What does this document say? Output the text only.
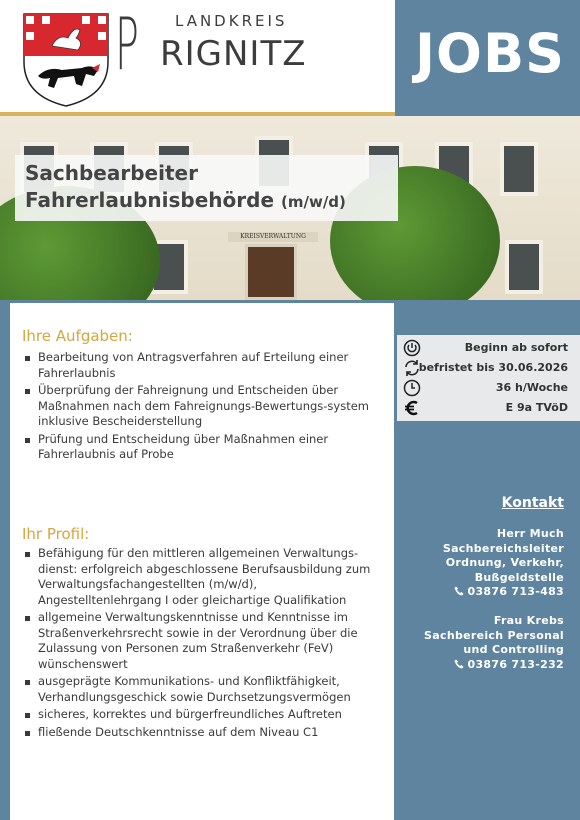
P LANDKREIS
RIGNITZ JOBS
KREISVERWALTUNG
Sachbearbeiter
Fahrerlaubnisbehörde (m/w/d)
Ihre Aufgaben:
Bearbeitung von Antragsverfahren auf Erteilung einer Fahrerlaubnis
Überprüfung der Fahreignung und Entscheiden über Maßnahmen nach dem Fahreignungs-Bewertungs-system inklusive Bescheiderstellung
Prüfung und Entscheidung über Maßnahmen einer Fahrerlaubnis auf Probe
Ihr Profil:
Befähigung für den mittleren allgemeinen Verwaltungs-dienst: erfolgreich abgeschlossene Berufsausbildung zum Verwaltungsfachangestellten (m/w/d), Angestelltenlehrgang I oder gleichartige Qualifikation
allgemeine Verwaltungskenntnisse und Kenntnisse im Straßenverkehrsrecht sowie in der Verordnung über die Zulassung von Personen zum Straßenverkehr (FeV) wünschenswert
ausgeprägte Kommunikations- und Konfliktfähigkeit, Verhandlungsgeschick sowie Durchsetzungsvermögen
sicheres, korrektes und bürgerfreundliches Auftreten
fließende Deutschkenntnisse auf dem Niveau C1
Beginn ab sofort
befristet bis 30.06.2026
36 h/Woche
E 9a TVöD
Kontakt
Herr Much
Sachbereichsleiter
Ordnung, Verkehr,
Bußgeldstelle
03876 713-483
Frau Krebs
Sachbereich Personal
und Controlling
03876 713-232
